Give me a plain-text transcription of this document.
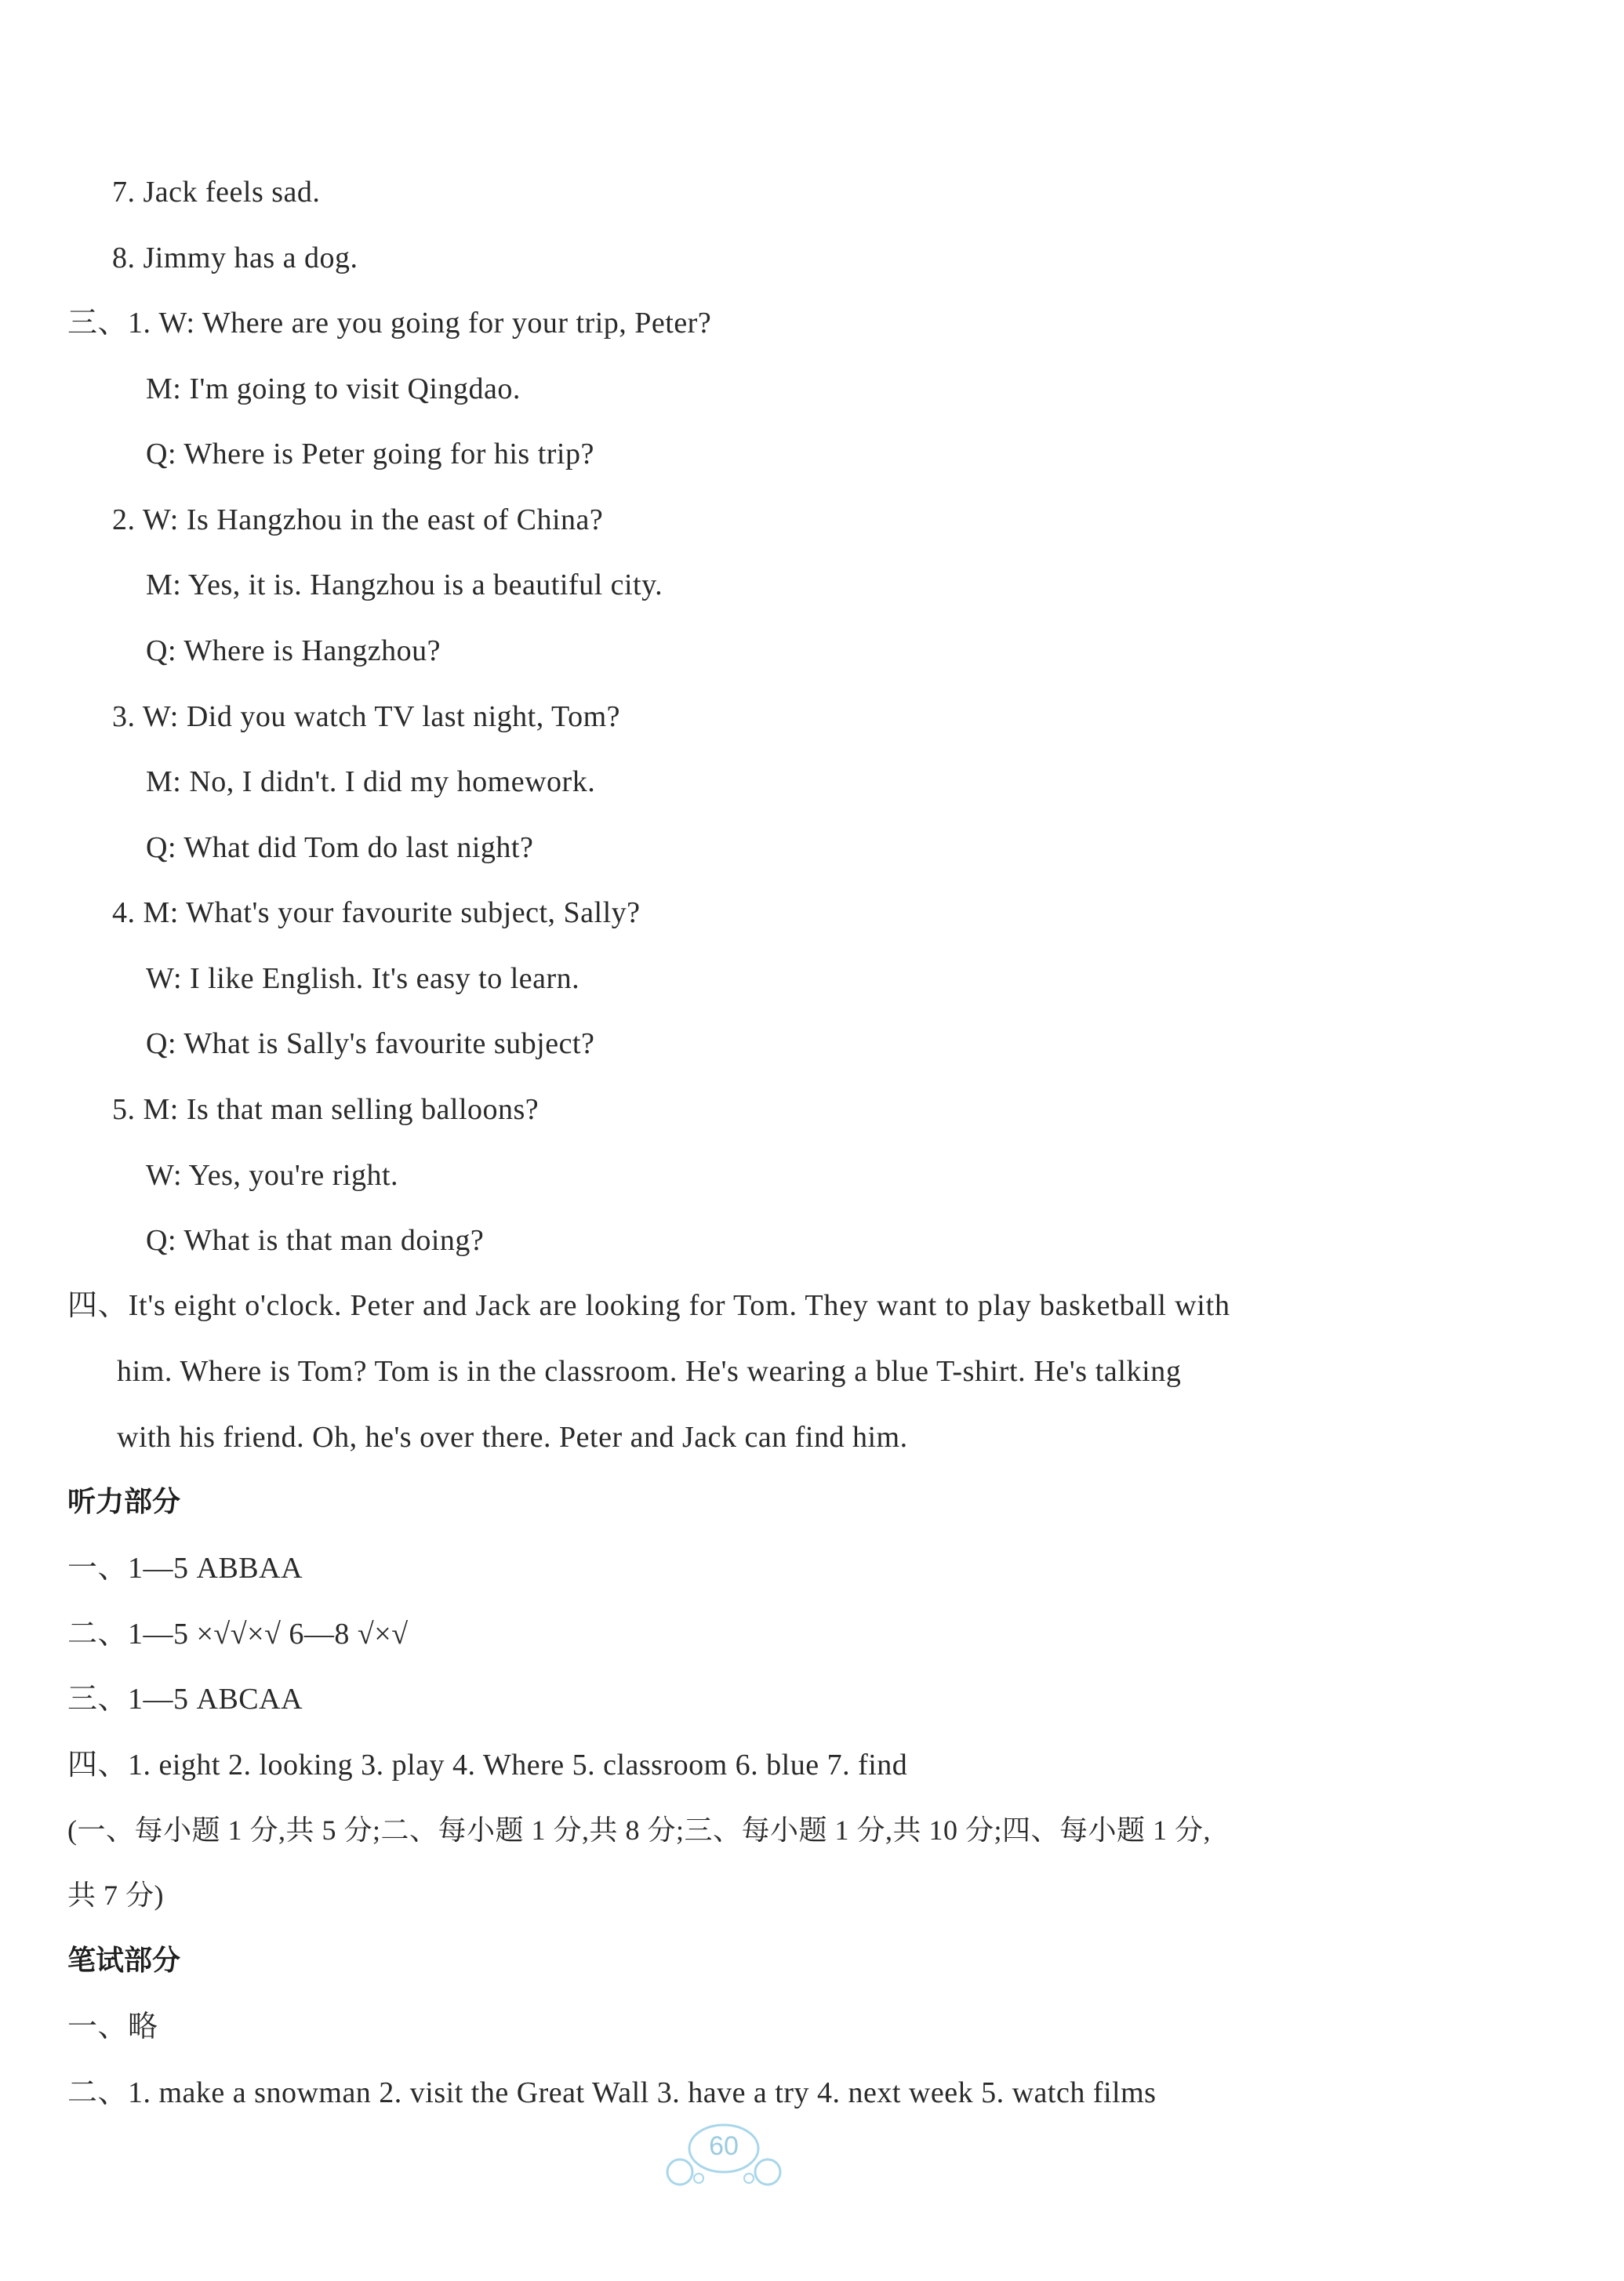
7. Jack feels sad.
8. Jimmy has a dog.
三、1. W: Where are you going for your trip, Peter?
M: I'm going to visit Qingdao.
Q: Where is Peter going for his trip?
2. W: Is Hangzhou in the east of China?
M: Yes, it is. Hangzhou is a beautiful city.
Q: Where is Hangzhou?
3. W: Did you watch TV last night, Tom?
M: No, I didn't. I did my homework.
Q: What did Tom do last night?
4. M: What's your favourite subject, Sally?
W: I like English. It's easy to learn.
Q: What is Sally's favourite subject?
5. M: Is that man selling balloons?
W: Yes, you're right.
Q: What is that man doing?
四、It's eight o'clock. Peter and Jack are looking for Tom. They want to play basketball with
him. Where is Tom? Tom is in the classroom. He's wearing a blue T-shirt. He's talking
with his friend. Oh, he's over there. Peter and Jack can find him.
听力部分
一、1—5 ABBAA
二、1—5 ×√√×√ 6—8 √×√
三、1—5 ABCAA
四、1. eight 2. looking 3. play 4. Where 5. classroom 6. blue 7. find
(一、每小题 1 分,共 5 分;二、每小题 1 分,共 8 分;三、每小题 1 分,共 10 分;四、每小题 1 分,
共 7 分)
笔试部分
一、略
二、1. make a snowman 2. visit the Great Wall 3. have a try 4. next week 5. watch films
60
